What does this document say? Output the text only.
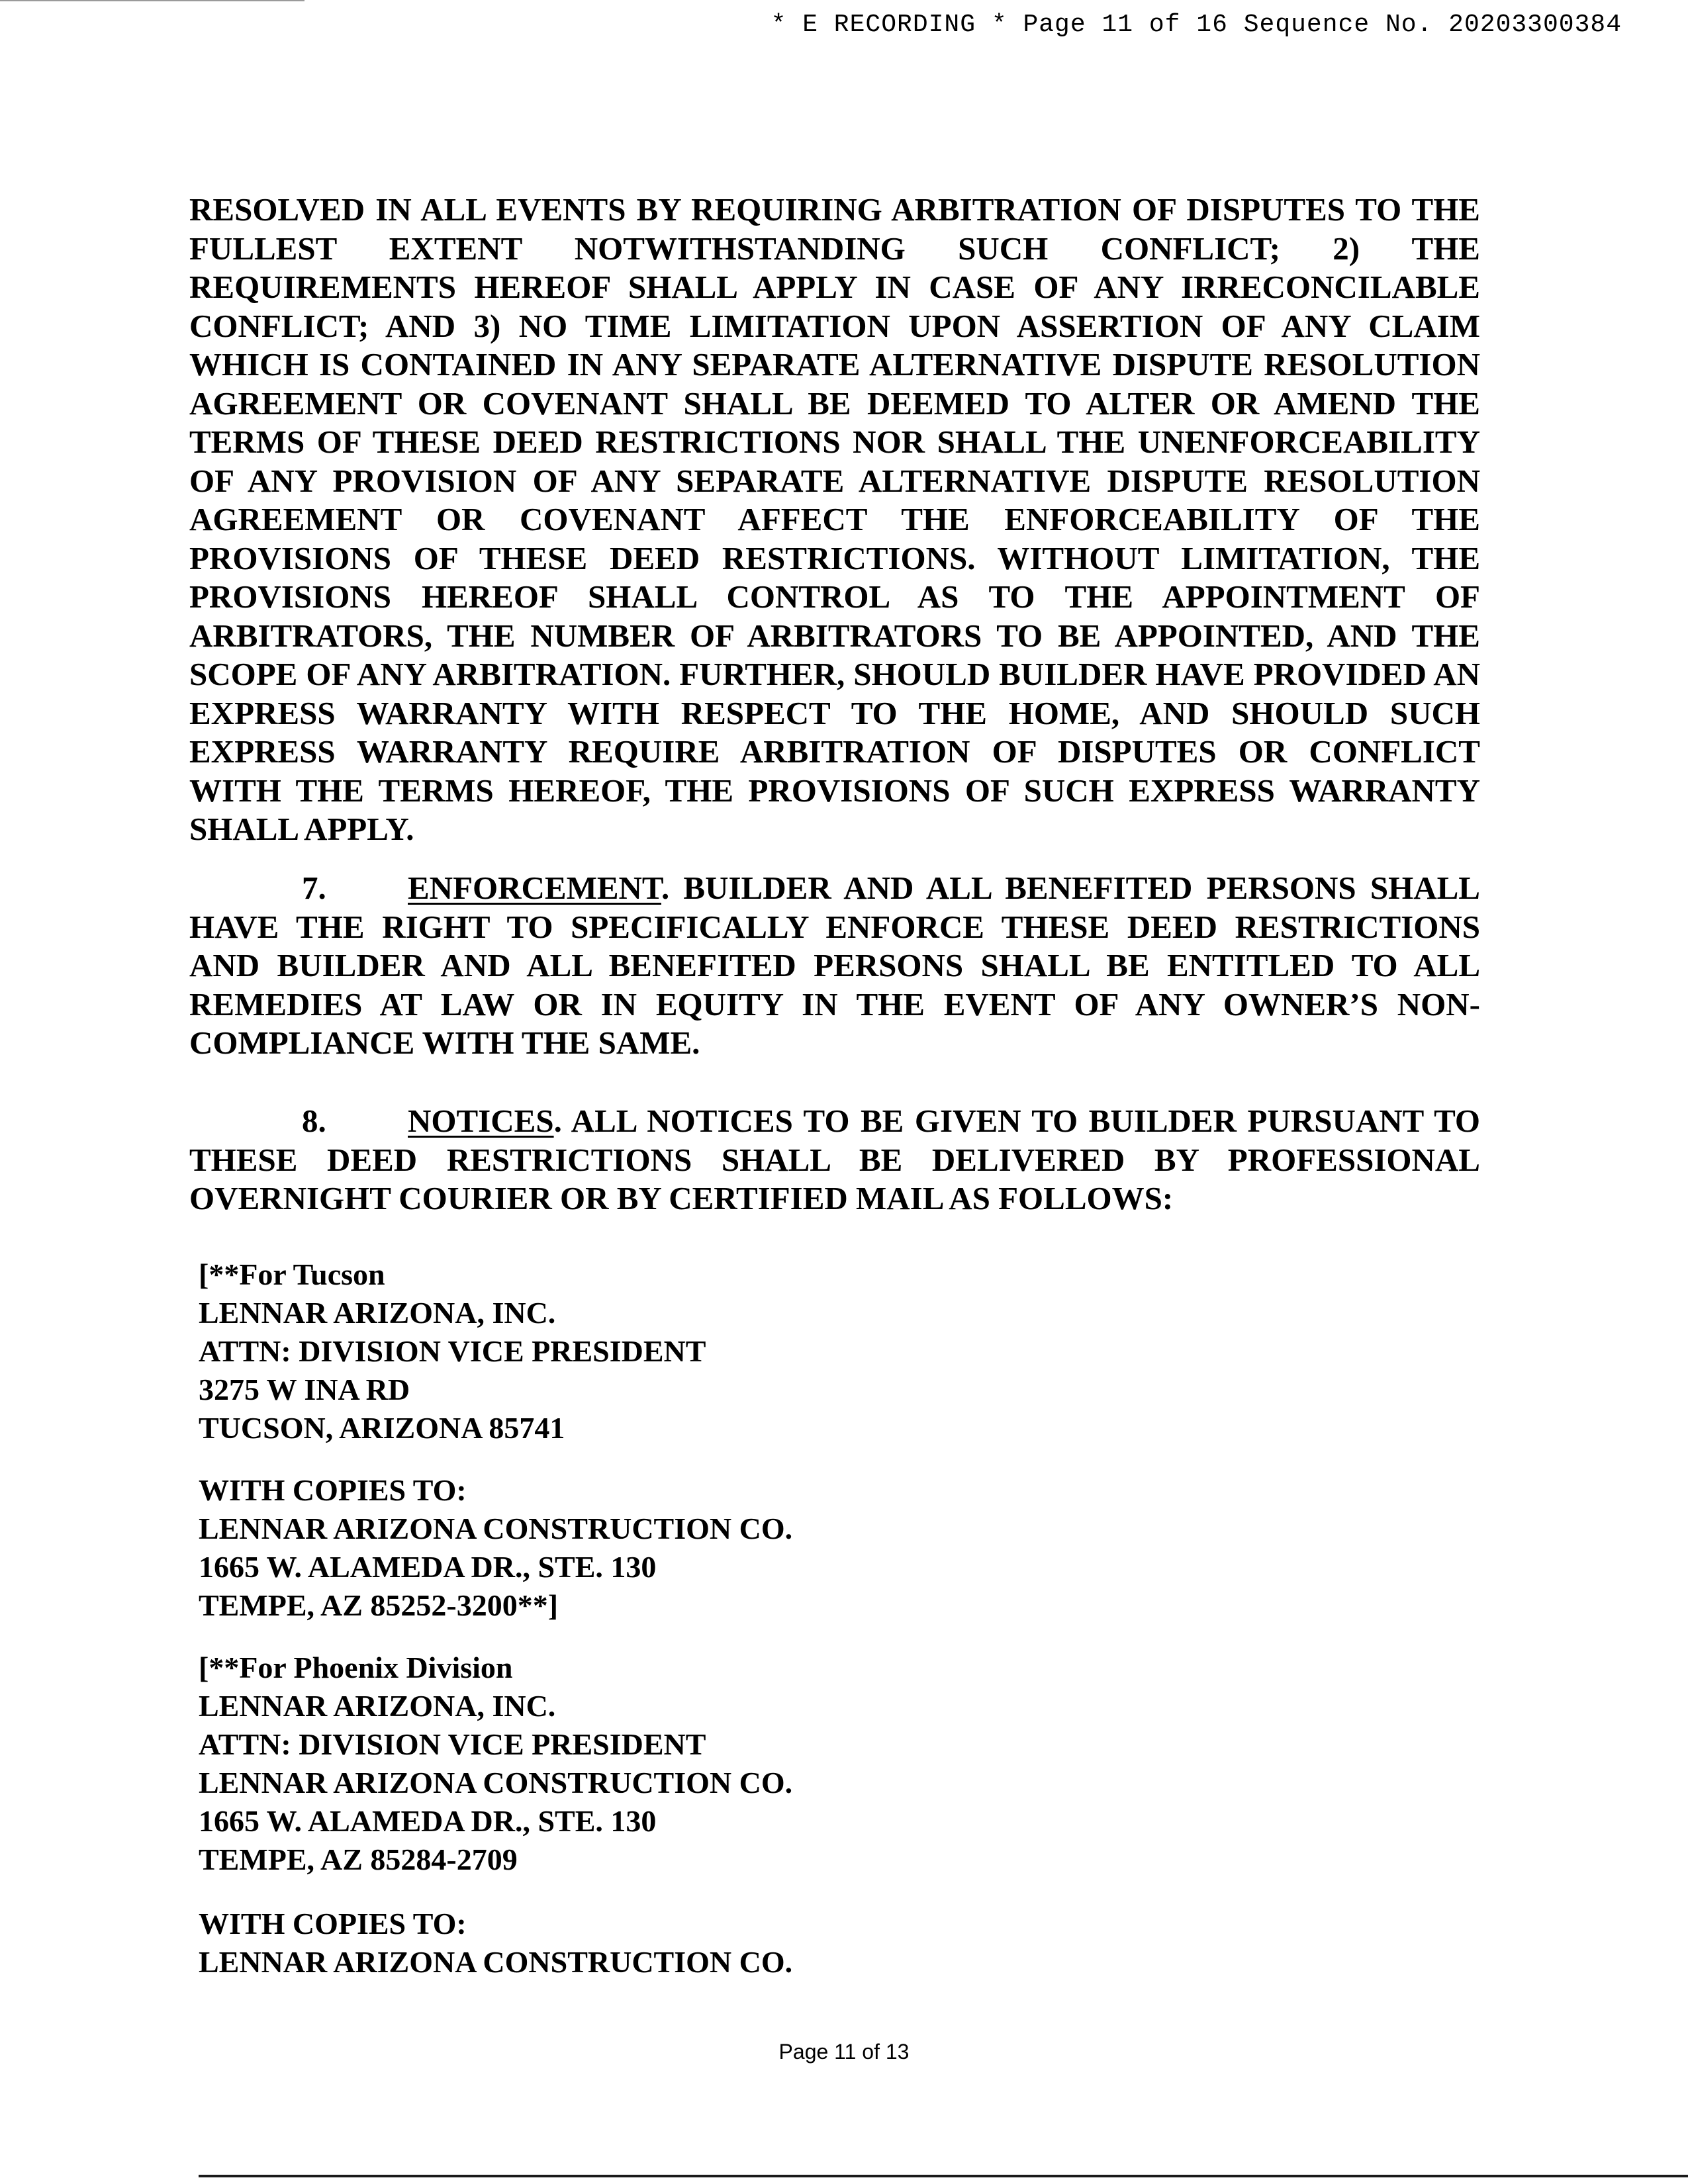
* E RECORDING * Page 11 of 16 Sequence No. 20203300384
RESOLVED IN ALL EVENTS BY REQUIRING ARBITRATION OF DISPUTES TO THE FULLEST EXTENT NOTWITHSTANDING SUCH CONFLICT; 2) THE REQUIREMENTS HEREOF SHALL APPLY IN CASE OF ANY IRRECONCILABLE CONFLICT; AND 3) NO TIME LIMITATION UPON ASSERTION OF ANY CLAIM WHICH IS CONTAINED IN ANY SEPARATE ALTERNATIVE DISPUTE RESOLUTION AGREEMENT OR COVENANT SHALL BE DEEMED TO ALTER OR AMEND THE TERMS OF THESE DEED RESTRICTIONS NOR SHALL THE UNENFORCEABILITY OF ANY PROVISION OF ANY SEPARATE ALTERNATIVE DISPUTE RESOLUTION AGREEMENT OR COVENANT AFFECT THE ENFORCEABILITY OF THE PROVISIONS OF THESE DEED RESTRICTIONS. WITHOUT LIMITATION, THE PROVISIONS HEREOF SHALL CONTROL AS TO THE APPOINTMENT OF ARBITRATORS, THE NUMBER OF ARBITRATORS TO BE APPOINTED, AND THE SCOPE OF ANY ARBITRATION. FURTHER, SHOULD BUILDER HAVE PROVIDED AN EXPRESS WARRANTY WITH RESPECT TO THE HOME, AND SHOULD SUCH EXPRESS WARRANTY REQUIRE ARBITRATION OF DISPUTES OR CONFLICT WITH THE TERMS HEREOF, THE PROVISIONS OF SUCH EXPRESS WARRANTY SHALL APPLY.
7.	ENFORCEMENT. BUILDER AND ALL BENEFITED PERSONS SHALL HAVE THE RIGHT TO SPECIFICALLY ENFORCE THESE DEED RESTRICTIONS AND BUILDER AND ALL BENEFITED PERSONS SHALL BE ENTITLED TO ALL REMEDIES AT LAW OR IN EQUITY IN THE EVENT OF ANY OWNER’S NON-COMPLIANCE WITH THE SAME.
8.	NOTICES. ALL NOTICES TO BE GIVEN TO BUILDER PURSUANT TO THESE DEED RESTRICTIONS SHALL BE DELIVERED BY PROFESSIONAL OVERNIGHT COURIER OR BY CERTIFIED MAIL AS FOLLOWS:
[**For Tucson
LENNAR ARIZONA, INC.
ATTN: DIVISION VICE PRESIDENT
3275 W INA RD
TUCSON, ARIZONA 85741
WITH COPIES TO:
LENNAR ARIZONA CONSTRUCTION CO.
1665 W. ALAMEDA DR., STE. 130
TEMPE, AZ 85252-3200**]
[**For Phoenix Division
LENNAR ARIZONA, INC.
ATTN: DIVISION VICE PRESIDENT
LENNAR ARIZONA CONSTRUCTION CO.
1665 W. ALAMEDA DR., STE. 130
TEMPE, AZ 85284-2709
WITH COPIES TO:
LENNAR ARIZONA CONSTRUCTION CO.
Page 11 of 13
